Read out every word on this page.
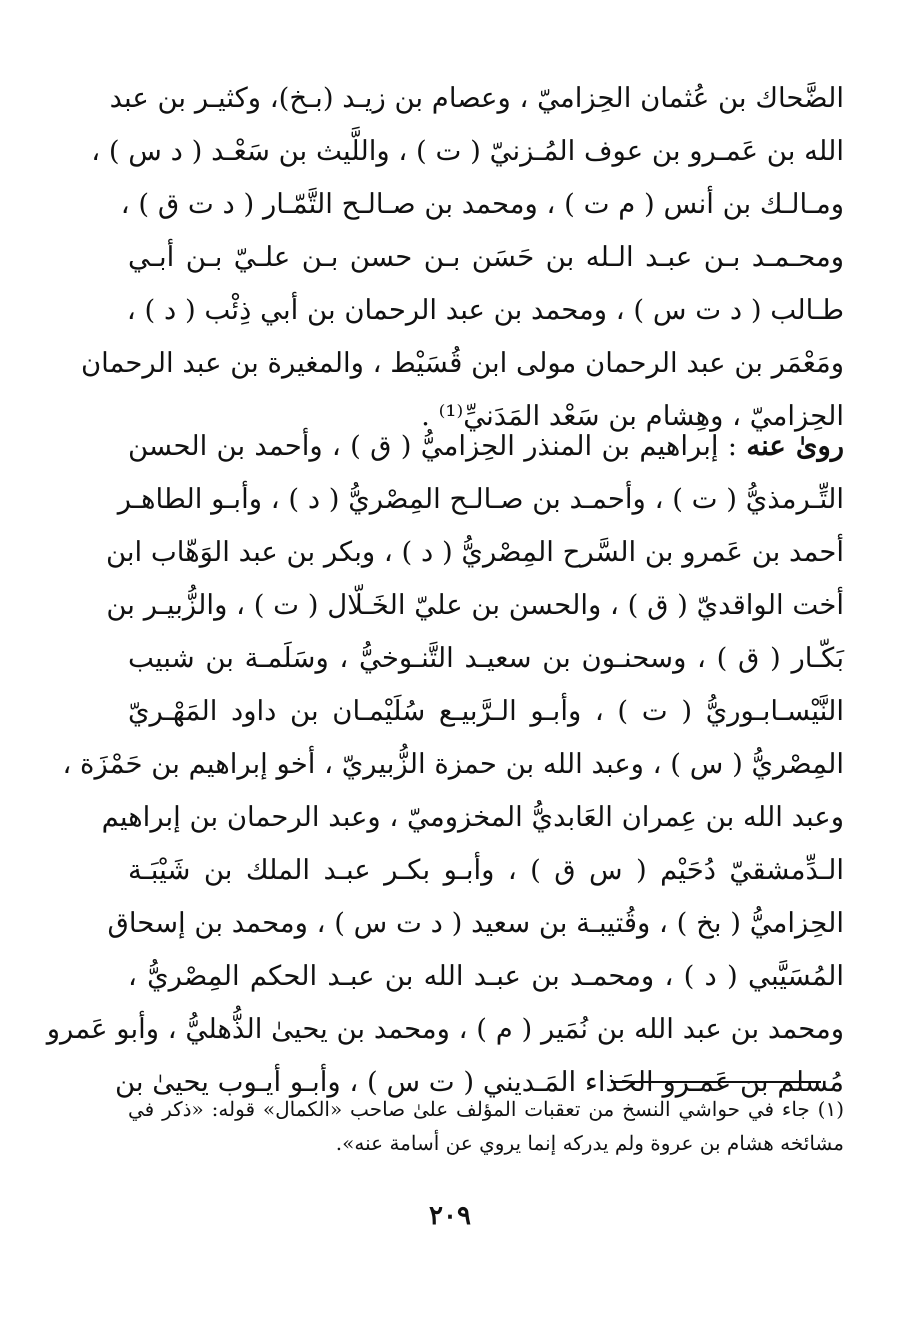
الضَّحاك بن عُثمان الحِزاميّ ، وعصام بن زيـد (بـخ)، وكثيـر بن عبد
الله بن عَمـرو بن عوف المُـزنيّ ( ت ) ، واللَّيث بن سَعْـد ( د س ) ،
ومـالـك بن أنس ( م ت ) ، ومحمد بن صـالـح التَّمّـار ( د ت ق ) ،
ومحـمـد بـن عبـد الـله بن حَسَن بـن حسن بـن علـيّ بـن أبـي
طـالب ( د ت س ) ، ومحمد بن عبد الرحمان بن أبي ذِئْب ( د ) ،
ومَعْمَر بن عبد الرحمان مولى ابن قُسَيْط ، والمغيرة بن عبد الرحمان
الحِزاميّ ، وهِشام بن سَعْد المَدَنيِّ⁽¹⁾ .
روىٰ عنه : إبراهيم بن المنذر الحِزاميُّ ( ق ) ، وأحمد بن الحسن
التِّـرمذيُّ ( ت ) ، وأحمـد بن صـالـح المِصْريُّ ( د ) ، وأبـو الطاهـر
أحمد بن عَمرو بن السَّرح المِصْريُّ ( د ) ، وبكر بن عبد الوَهّاب ابن
أخت الواقديّ ( ق ) ، والحسن بن عليّ الخَـلّال ( ت ) ، والزُّبيـر بن
بَكّـار ( ق ) ، وسحنـون بن سعيـد التَّنـوخيُّ ، وسَلَمـة بن شبيب
النَّيْسـابـوريُّ ( ت ) ، وأبـو الـرَّبيـع سُلَيْمـان بن داود المَهْـريّ
المِصْريُّ ( س ) ، وعبد الله بن حمزة الزُّبيريّ ، أخو إبراهيم بن حَمْزَة ،
وعبد الله بن عِمران العَابديُّ المخزوميّ ، وعبد الرحمان بن إبراهيم
الـدِّمشقيّ دُحَيْم ( س ق ) ، وأبـو بكـر عبـد الملك بن شَيْبَـة
الحِزاميُّ ( بخ ) ، وقُتيبـة بن سعيد ( د ت س ) ، ومحمد بن إسحاق
المُسَيَّبي ( د ) ، ومحمـد بن عبـد الله بن عبـد الحكم المِصْريُّ ،
ومحمد بن عبد الله بن نُمَير ( م ) ، ومحمد بن يحيىٰ الذُّهليُّ ، وأبو عَمرو
مُسلم بن عَمـرو الحَذاء المَـديني ( ت س ) ، وأبـو أيـوب يحيىٰ بن
(١) جاء في حواشي النسخ من تعقبات المؤلف علىٰ صاحب «الكمال» قوله: «ذكر في
مشائخه هشام بن عروة ولم يدركه إنما يروي عن أسامة عنه».
٢٠٩
